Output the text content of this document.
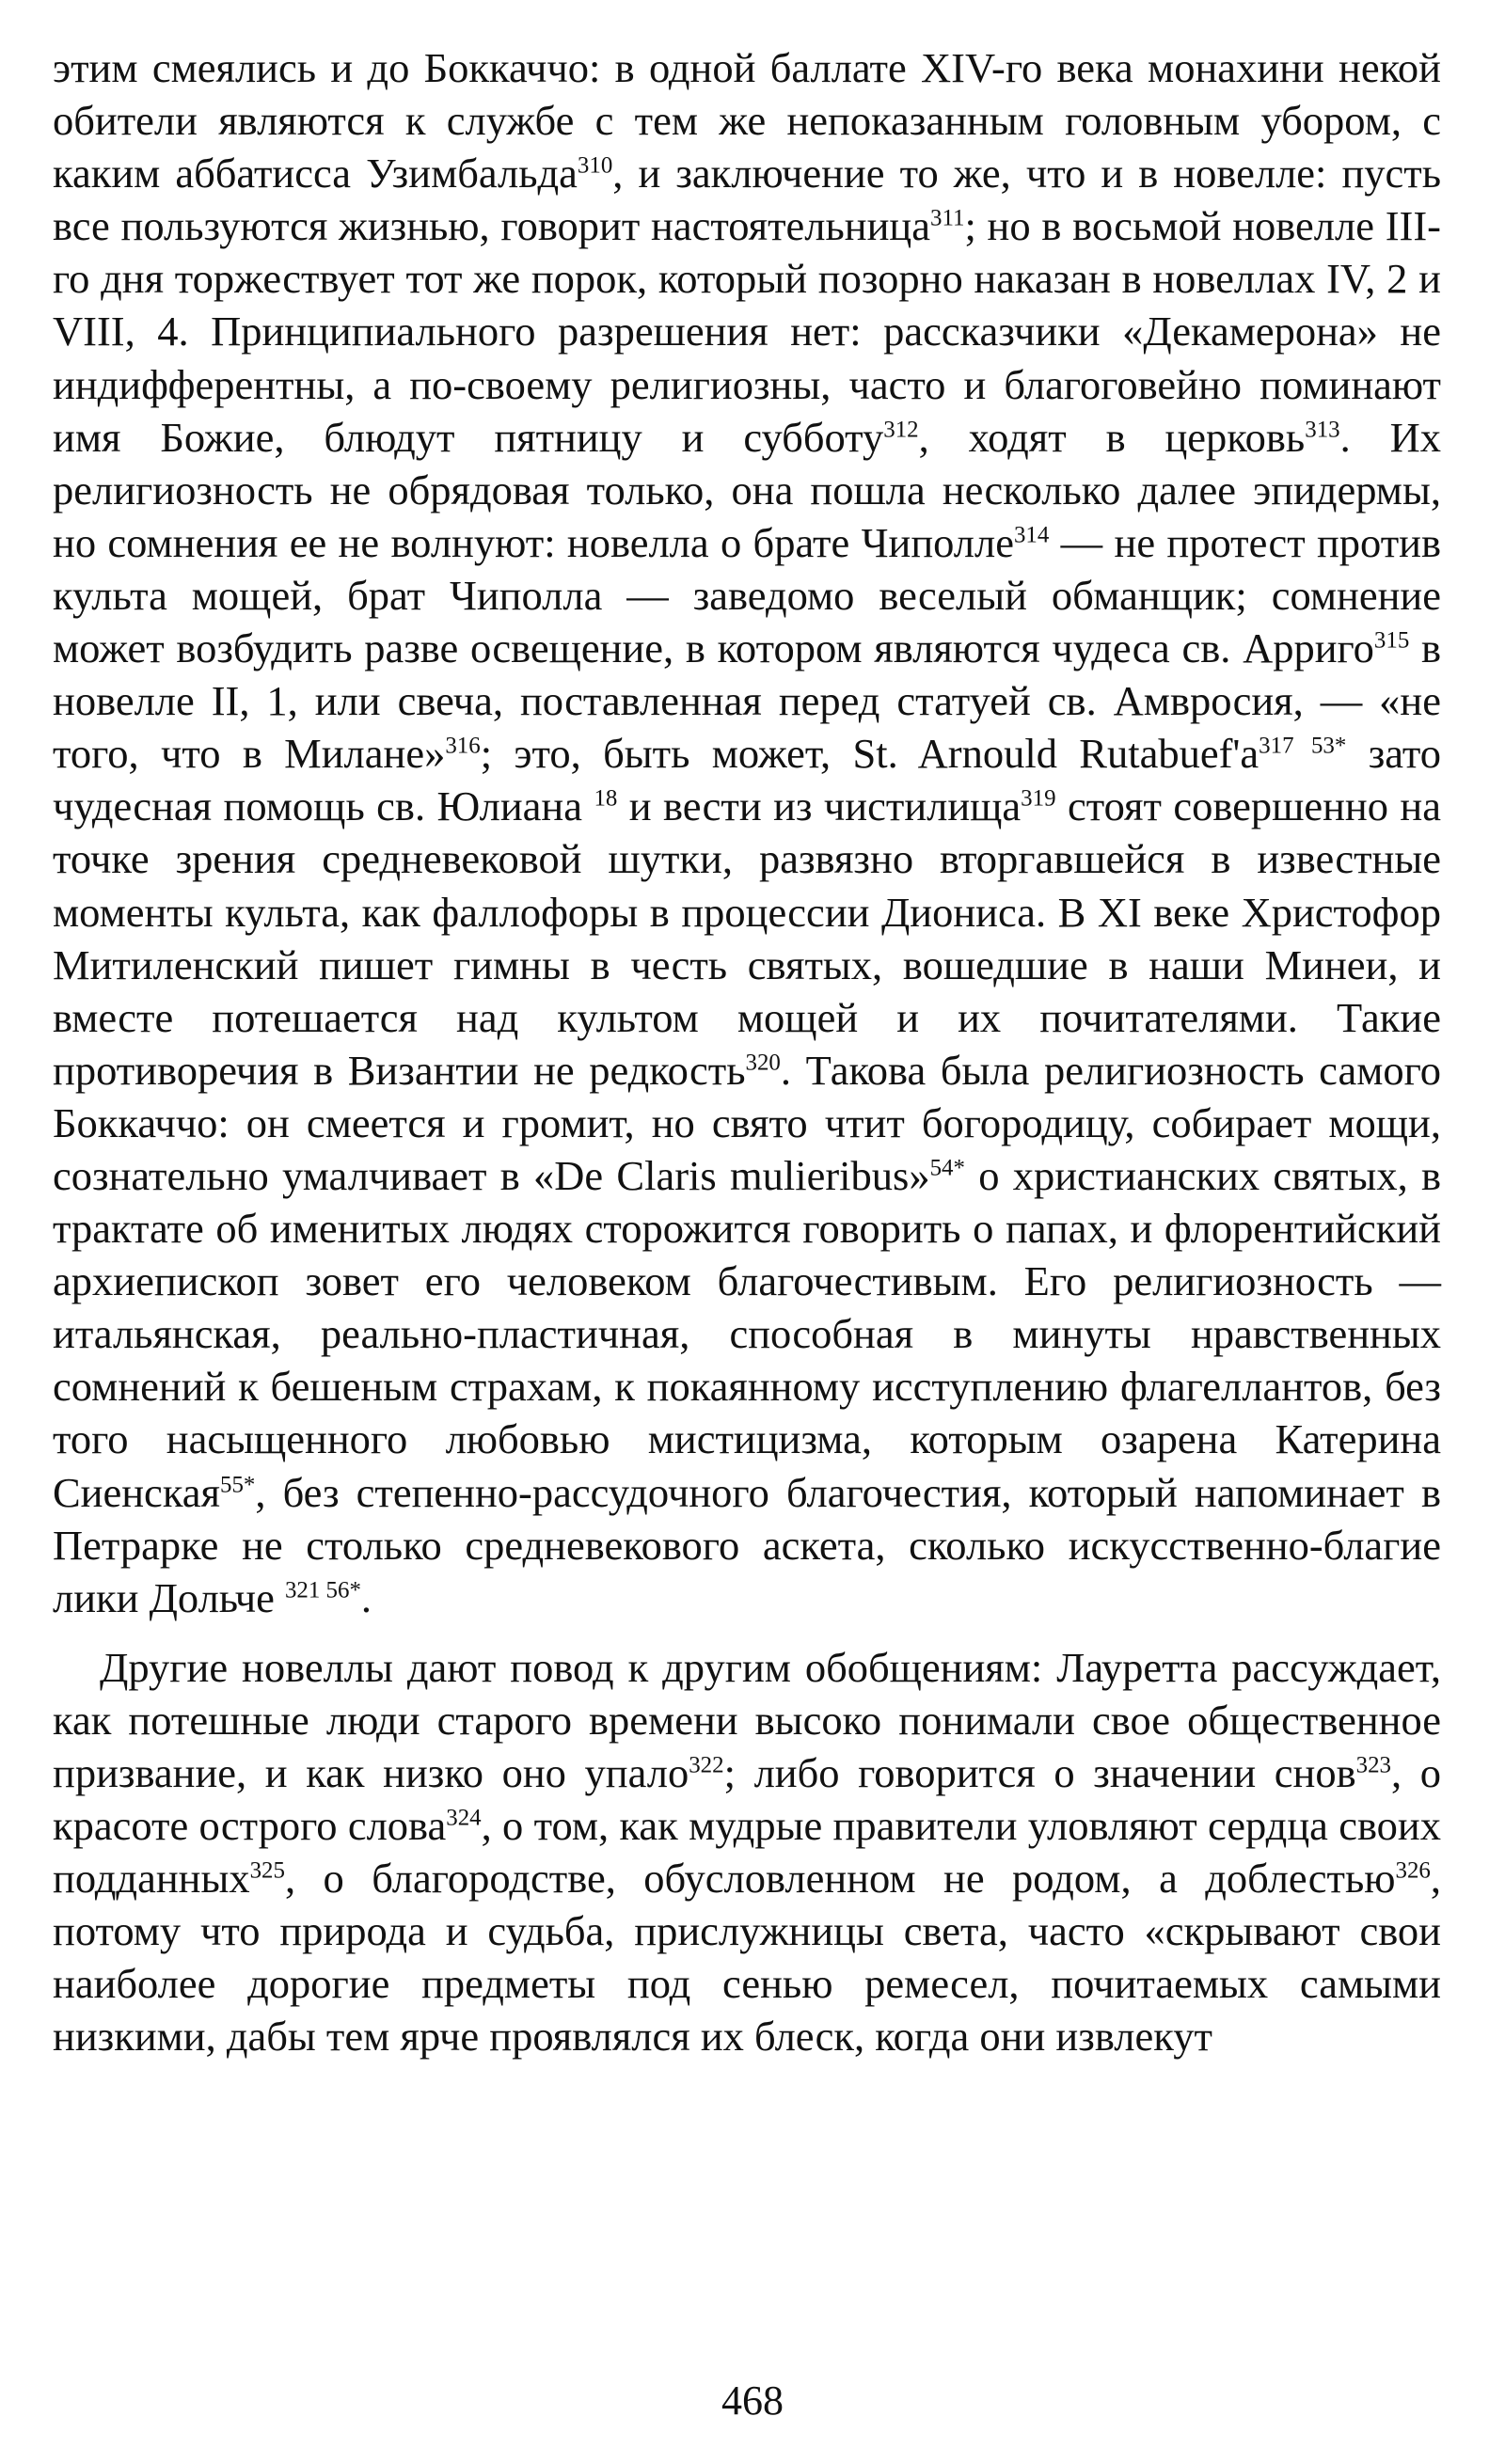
этим смеялись и до Боккаччо: в одной баллате XIV-го века монахини некой обители являются к службе с тем же непоказанным головным убором, с каким аббатисса Узимбальда$^{310}$, и заключение то же, что и в новелле: пусть все пользуются жизнью, говорит настоятельница$^{311}$; но в восьмой новелле III-го дня торжествует тот же порок, который позорно наказан в новеллах IV, 2 и VIII, 4. Принципиального разрешения нет: рассказчики «Декамерона» не индифферентны, а по-своему религиозны, часто и благоговейно поминают имя Божие, блюдут пятницу и субботу$^{312}$, ходят в церковь$^{313}$. Их религиозность не обрядовая только, она пошла несколько далее эпидермы, но сомнения ее не волнуют: новелла о брате Чиполле$^{314}$ — не протест против культа мощей, брат Чиполла — заведомо веселый обманщик; сомнение может возбудить разве освещение, в котором являются чудеса св. Арриго$^{315}$ в новелле II, 1, или свеча, поставленная перед статуей св. Амвросия, — «не того, что в Милане»$^{316}$; это, быть может, St. Arnould Rutabuef'a$^{317 53*}$ зато чудесная помощь св. Юлиана $^{18}$ и вести из чистилища$^{319}$ стоят совершенно на точке зрения средневековой шутки, развязно вторгавшейся в известные моменты культа, как фаллофоры в процессии Диониса. В XI веке Христофор Митиленский пишет гимны в честь святых, вошедшие в наши Минеи, и вместе потешается над культом мощей и их почитателями. Такие противоречия в Византии не редкость$^{320}$. Такова была религиозность самого Боккаччо: он смеется и громит, но свято чтит богородицу, собирает мощи, сознательно умалчивает в «De Claris mulieribus»$^{54*}$ о христианских святых, в трактате об именитых людях сторожится говорить о папах, и флорентийский архиепископ зовет его человеком благочестивым. Его религиозность — итальянская, реально-пластичная, способная в минуты нравственных сомнений к бешеным страхам, к покаянному исступлению флагеллантов, без того насыщенного любовью мистицизма, которым озарена Катерина Сиенская$^{55*}$, без степенно-рассудочного благочестия, который напоминает в Петрарке не столько средневекового аскета, сколько искусственно-благие лики Дольче $^{321 56*}$.

Другие новеллы дают повод к другим обобщениям: Лауретта рассуждает, как потешные люди старого времени высоко понимали свое общественное призвание, и как низко оно упало$^{322}$; либо говорится о значении снов$^{323}$, о красоте острого слова$^{324}$, о том, как мудрые правители уловляют сердца своих подданных$^{325}$, о благородстве, обусловленном не родом, а доблестью$^{326}$, потому что природа и судьба, прислужницы света, часто «скрывают свои наиболее дорогие предметы под сенью ремесел, почитаемых самыми низкими, дабы тем ярче проявлялся их блеск, когда они извлекут

468
